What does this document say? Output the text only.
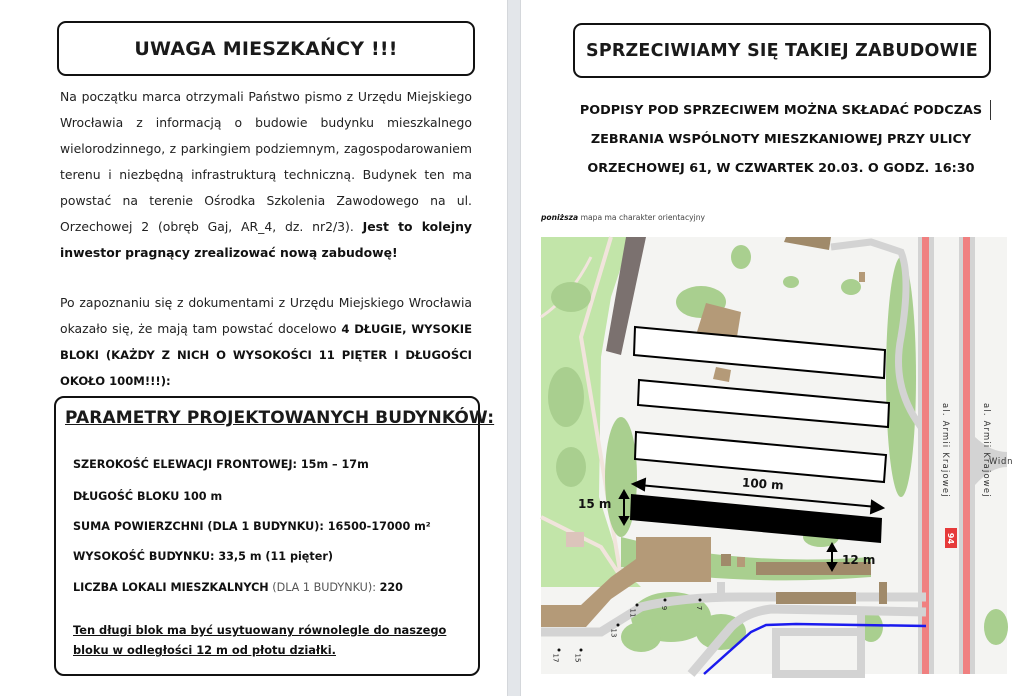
UWAGA MIESZKAŃCY !!!
Na początku marca otrzymali Państwo pismo z Urzędu Miejskiego Wrocławia z informacją o budowie budynku mieszkalnego wielorodzinnego, z parkingiem podziemnym, zagospodarowaniem terenu i niezbędną infrastrukturą techniczną. Budynek ten ma powstać na terenie Ośrodka Szkolenia Zawodowego na ul. Orzechowej 2 (obręb Gaj, AR_4, dz. nr2/3). Jest to kolejny inwestor pragnący zrealizować nową zabudowę!
Po zapoznaniu się z dokumentami z Urzędu Miejskiego Wrocławia okazało się, że mają tam powstać docelowo 4 DŁUGIE, WYSOKIE BLOKI (KAŻDY Z NICH O WYSOKOŚCI 11 PIĘTER I DŁUGOŚCI OKOŁO 100M!!!):
PARAMETRY PROJEKTOWANYCH BUDYNKÓW:
SZEROKOŚĆ ELEWACJI FRONTOWEJ: 15m – 17m
DŁUGOŚĆ BLOKU 100 m
SUMA POWIERZCHNI (DLA 1 BUDYNKU): 16500-17000 m²
WYSOKOŚĆ BUDYNKU: 33,5 m (11 pięter)
LICZBA LOKALI MIESZKALNYCH (DLA 1 BUDYNKU): 220
Ten długi blok ma być usytuowany równolegle do naszego bloku w odległości 12 m od płotu działki.
SPRZECIWIAMY SIĘ TAKIEJ ZABUDOWIE
PODPISY POD SPRZECIWEM MOŻNA SKŁADAĆ PODCZAS
ZEBRANIA WSPÓLNOTY MIESZKANIOWEJ PRZY ULICY
ORZECHOWEJ 61, W CZWARTEK 20.03. O GODZ. 16:30
poniższa mapa ma charakter orientacyjny
100 m
15 m
12 m
al. Armii Krajowej	al. Armii Krajowej
Widn
94
7
9
11
13
15
17
